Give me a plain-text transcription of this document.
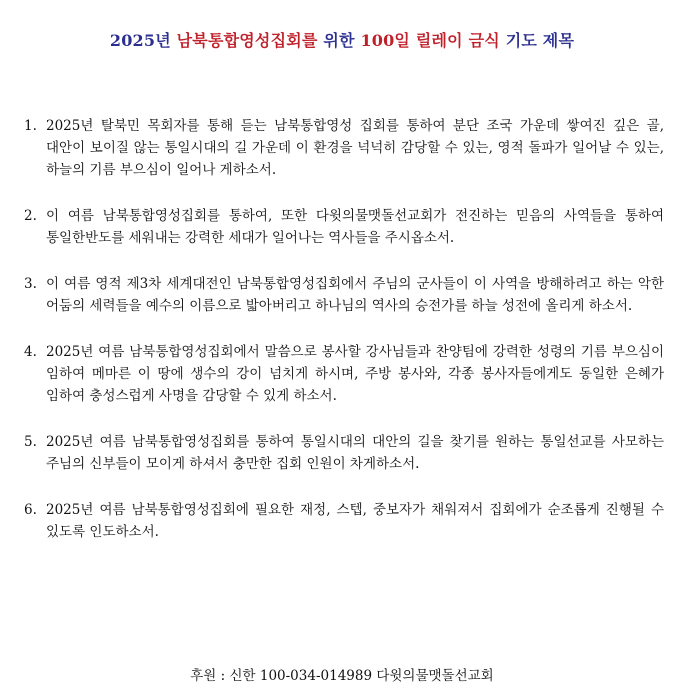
2025년 남북통합영성집회를 위한 100일 릴레이 금식 기도 제목
1. 2025년 탈북민 목회자를 통해 듣는 남북통합영성 집회를 통하여 분단 조국 가운데 쌓여진 깊은 골, 대안이 보이질 않는 통일시대의 길 가운데 이 환경을 넉넉히 감당할 수 있는, 영적 돌파가 일어날 수 있는, 하늘의 기름 부으심이 일어나 게하소서.
2. 이 여름 남북통합영성집회를 통하여, 또한 다윗의물맷돌선교회가 전진하는 믿음의 사역들을 통하여 통일한반도를 세워내는 강력한 세대가 일어나는 역사들을 주시옵소서.
3. 이 여름 영적 제3차 세계대전인 남북통합영성집회에서 주님의 군사들이 이 사역을 방해하려고 하는 악한 어둠의 세력들을 예수의 이름으로 밟아버리고 하나님의 역사의 승전가를 하늘 성전에 올리게 하소서.
4. 2025년 여름 남북통합영성집회에서 말씀으로 봉사할 강사님들과 찬양팀에 강력한 성령의 기름 부으심이 임하여 메마른 이 땅에 생수의 강이 넘치게 하시며, 주방 봉사와, 각종 봉사자들에게도 동일한 은혜가 임하여 충성스럽게 사명을 감당할 수 있게 하소서.
5. 2025년 여름 남북통합영성집회를 통하여 통일시대의 대안의 길을 찾기를 원하는 통일선교를 사모하는 주님의 신부들이 모이게 하셔서 충만한 집회 인원이 차게하소서.
6. 2025년 여름 남북통합영성집회에 필요한 재정, 스텝, 중보자가 채워져서 집회에가 순조롭게 진행될 수 있도록 인도하소서.
후원 : 신한 100-034-014989 다윗의물맷돌선교회
